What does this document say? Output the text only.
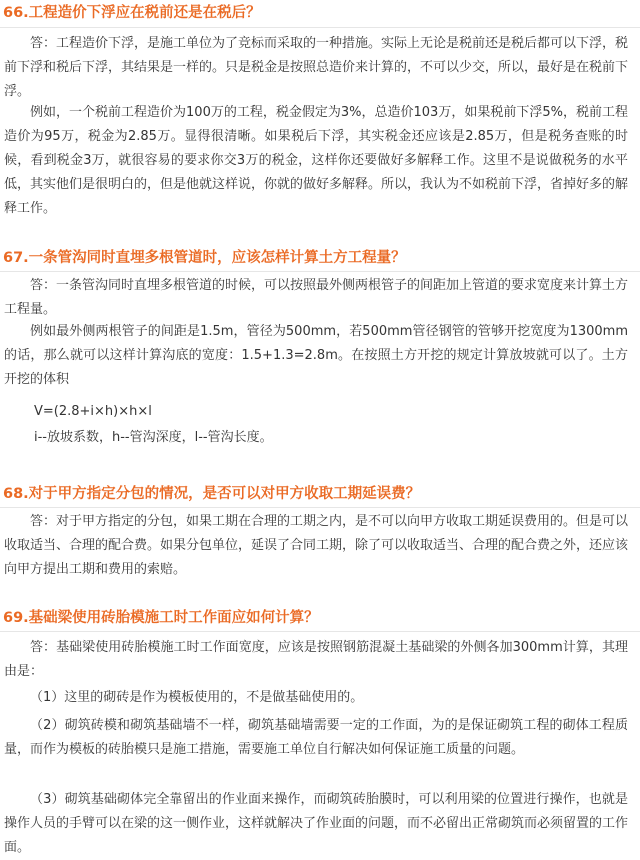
66.工程造价下浮应在税前还是在税后？

答：工程造价下浮，是施工单位为了竞标而采取的一种措施。实际上无论是税前还是税后都可以下浮，税前下浮和税后下浮，其结果是一样的。只是税金是按照总造价来计算的，不可以少交，所以，最好是在税前下浮。

例如，一个税前工程造价为100万的工程，税金假定为3%，总造价103万，如果税前下浮5%，税前工程造价为95万，税金为2.85万。显得很清晰。如果税后下浮，其实税金还应该是2.85万，但是税务查账的时候，看到税金3万，就很容易的要求你交3万的税金，这样你还要做好多解释工作。这里不是说做税务的水平低，其实他们是很明白的，但是他就这样说，你就的做好多解释。所以，我认为不如税前下浮，省掉好多的解释工作。

67.一条管沟同时直埋多根管道时，应该怎样计算土方工程量？

答：一条管沟同时直埋多根管道的时候，可以按照最外侧两根管子的间距加上管道的要求宽度来计算土方工程量。

例如最外侧两根管子的间距是1.5m，管径为500mm，若500mm管径钢管的管够开挖宽度为1300mm的话，那么就可以这样计算沟底的宽度：1.5+1.3=2.8m。在按照土方开挖的规定计算放坡就可以了。土方开挖的体积

V=(2.8+i×h)×h×l

i--放坡系数，h--管沟深度，l--管沟长度。

68.对于甲方指定分包的情况，是否可以对甲方收取工期延误费？

答：对于甲方指定的分包，如果工期在合理的工期之内，是不可以向甲方收取工期延误费用的。但是可以收取适当、合理的配合费。如果分包单位，延误了合同工期，除了可以收取适当、合理的配合费之外，还应该向甲方提出工期和费用的索赔。

69.基础梁使用砖胎模施工时工作面应如何计算？

答：基础梁使用砖胎模施工时工作面宽度，应该是按照钢筋混凝土基础梁的外侧各加300mm计算，其理由是：

（1）这里的砌砖是作为模板使用的，不是做基础使用的。

（2）砌筑砖模和砌筑基础墙不一样，砌筑基础墙需要一定的工作面，为的是保证砌筑工程的砌体工程质量，而作为模板的砖胎模只是施工措施，需要施工单位自行解决如何保证施工质量的问题。

（3）砌筑基础砌体完全靠留出的作业面来操作，而砌筑砖胎膜时，可以利用梁的位置进行操作，也就是操作人员的手臂可以在梁的这一侧作业，这样就解决了作业面的问题，而不必留出正常砌筑而必须留置的工作面。
